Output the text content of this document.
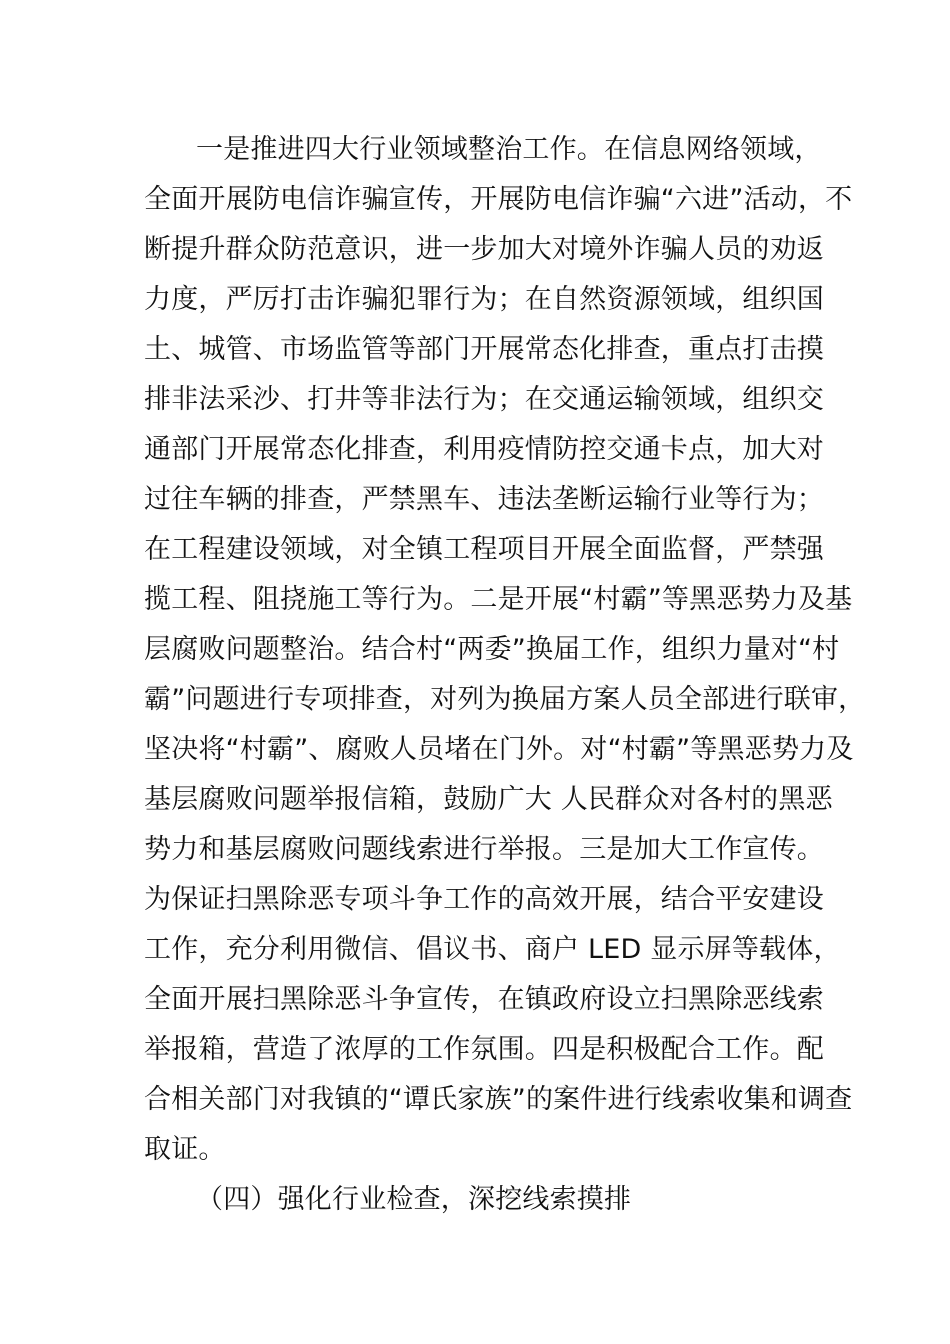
一是推进四大行业领域整治工作。在信息网络领域，
全面开展防电信诈骗宣传，开展防电信诈骗“六进”活动，不
断提升群众防范意识，进一步加大对境外诈骗人员的劝返
力度，严厉打击诈骗犯罪行为；在自然资源领域，组织国
土、城管、市场监管等部门开展常态化排查，重点打击摸
排非法采沙、打井等非法行为；在交通运输领域，组织交
通部门开展常态化排查，利用疫情防控交通卡点，加大对
过往车辆的排查，严禁黑车、违法垄断运输行业等行为；
在工程建设领域，对全镇工程项目开展全面监督，严禁强
揽工程、阻挠施工等行为。二是开展“村霸”等黑恶势力及基
层腐败问题整治。结合村“两委”换届工作，组织力量对“村
霸”问题进行专项排查，对列为换届方案人员全部进行联审，
坚决将“村霸”、腐败人员堵在门外。对“村霸”等黑恶势力及
基层腐败问题举报信箱，鼓励广大 人民群众对各村的黑恶
势力和基层腐败问题线索进行举报。三是加大工作宣传。
为保证扫黑除恶专项斗争工作的高效开展，结合平安建设
工作，充分利用微信、倡议书、商户 LED 显示屏等载体，
全面开展扫黑除恶斗争宣传，在镇政府设立扫黑除恶线索
举报箱，营造了浓厚的工作氛围。四是积极配合工作。配
合相关部门对我镇的“谭氏家族”的案件进行线索收集和调查
取证。
（四）强化行业检查，深挖线索摸排
